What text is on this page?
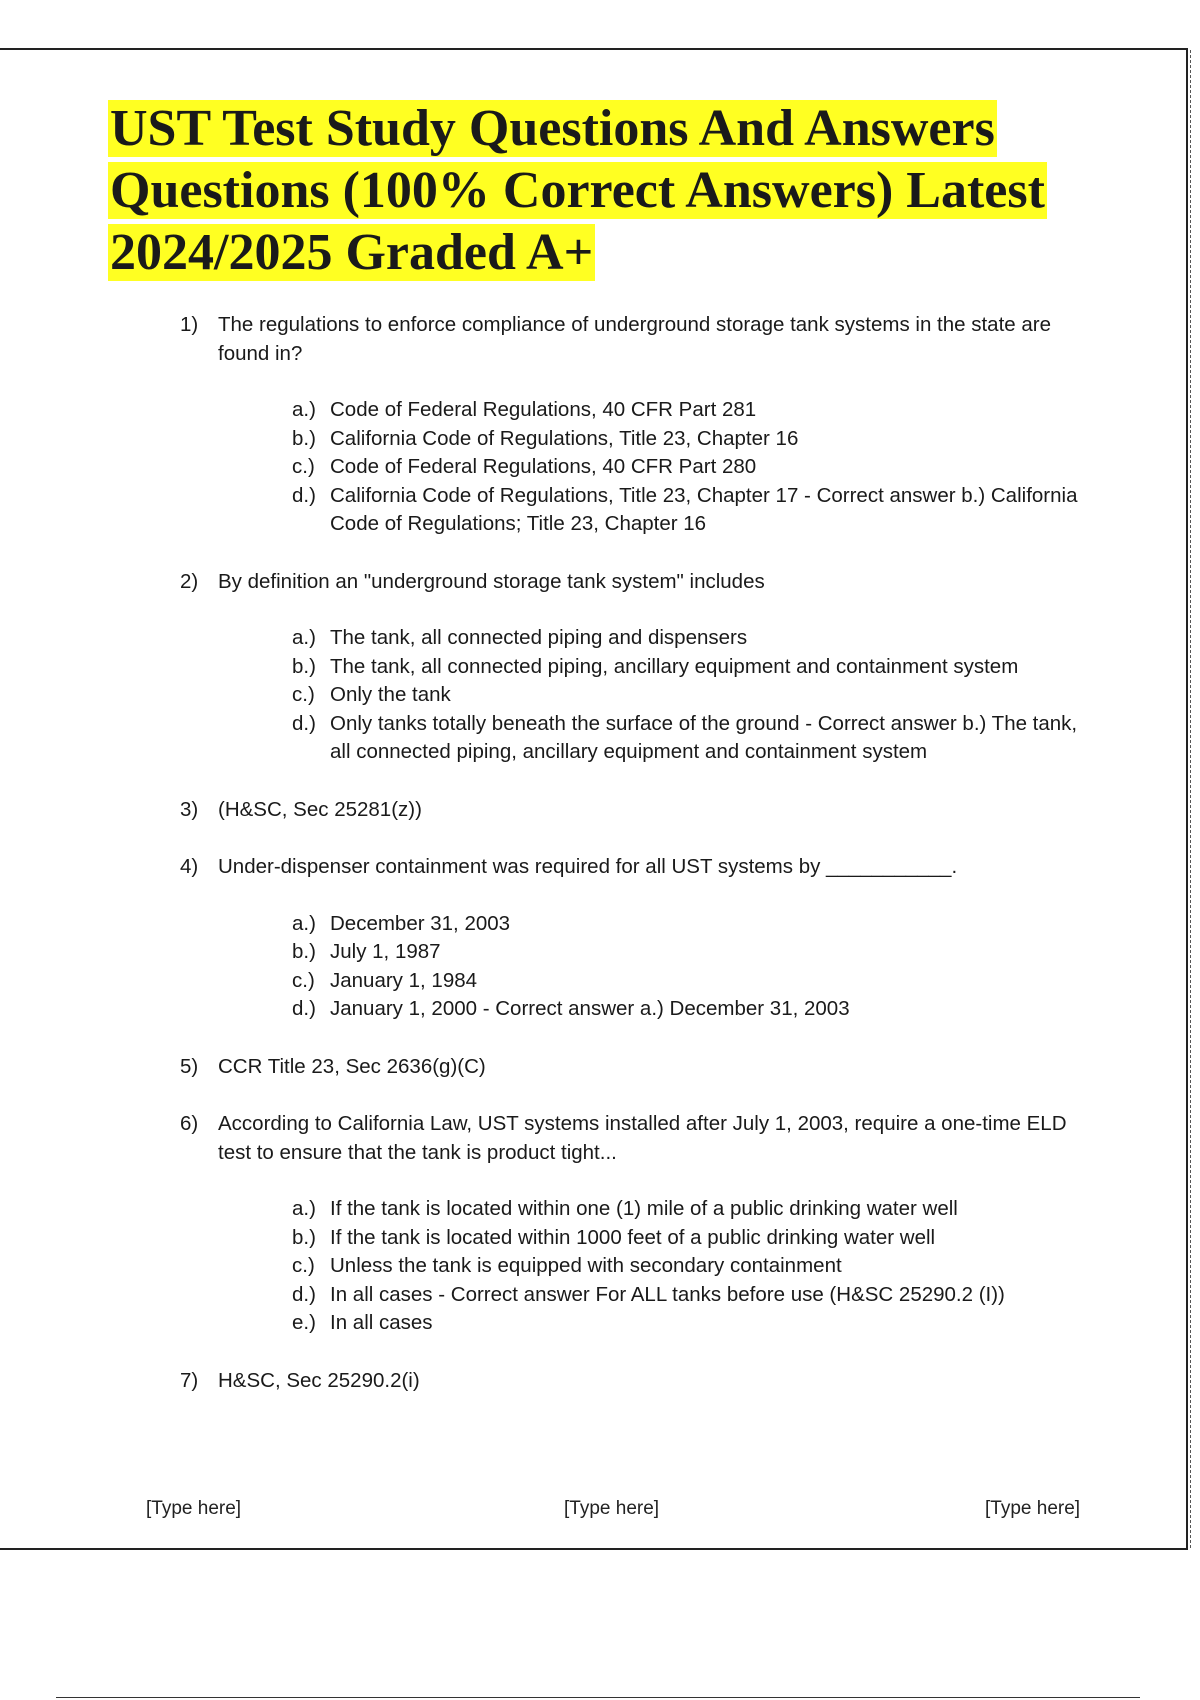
UST Test Study Questions And Answers Questions (100% Correct Answers) Latest 2024/2025 Graded A+
1) The regulations to enforce compliance of underground storage tank systems in the state are found in?
a.) Code of Federal Regulations, 40 CFR Part 281
b.) California Code of Regulations, Title 23, Chapter 16
c.) Code of Federal Regulations, 40 CFR Part 280
d.) California Code of Regulations, Title 23, Chapter 17 - Correct answer b.) California Code of Regulations; Title 23, Chapter 16
2) By definition an "underground storage tank system" includes
a.) The tank, all connected piping and dispensers
b.) The tank, all connected piping, ancillary equipment and containment system
c.) Only the tank
d.) Only tanks totally beneath the surface of the ground - Correct answer b.) The tank, all connected piping, ancillary equipment and containment system
3) (H&SC, Sec 25281(z))
4) Under-dispenser containment was required for all UST systems by ___________.
a.) December 31, 2003
b.) July 1, 1987
c.) January 1, 1984
d.) January 1, 2000 - Correct answer a.) December 31, 2003
5) CCR Title 23, Sec 2636(g)(C)
6) According to California Law, UST systems installed after July 1, 2003, require a one-time ELD test to ensure that the tank is product tight...
a.) If the tank is located within one (1) mile of a public drinking water well
b.) If the tank is located within 1000 feet of a public drinking water well
c.) Unless the tank is equipped with secondary containment
d.) In all cases - Correct answer For ALL tanks before use (H&SC 25290.2 (I))
e.) In all cases
7) H&SC, Sec 25290.2(i)
[Type here]	[Type here]	[Type here]
